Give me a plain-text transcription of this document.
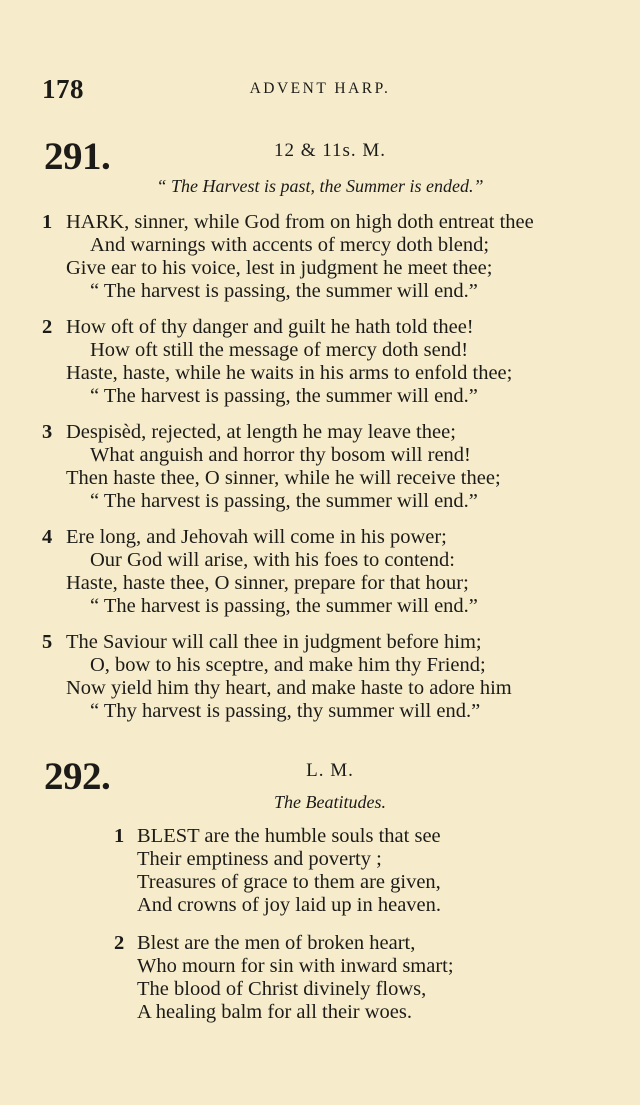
178	ADVENT HARP.
291.	12 & 11s. M.
“ The Harvest is past, the Summer is ended.”
1 HARK, sinner, while God from on high doth entreat thee
And warnings with accents of mercy doth blend;
Give ear to his voice, lest in judgment he meet thee;
“ The harvest is passing, the summer will end.”
2 How oft of thy danger and guilt he hath told thee!
How oft still the message of mercy doth send!
Haste, haste, while he waits in his arms to enfold thee;
“ The harvest is passing, the summer will end.”
3 Despisèd, rejected, at length he may leave thee;
What anguish and horror thy bosom will rend!
Then haste thee, O sinner, while he will receive thee;
“ The harvest is passing, the summer will end.”
4 Ere long, and Jehovah will come in his power;
Our God will arise, with his foes to contend:
Haste, haste thee, O sinner, prepare for that hour;
“ The harvest is passing, the summer will end.”
5 The Saviour will call thee in judgment before him;
O, bow to his sceptre, and make him thy Friend;
Now yield him thy heart, and make haste to adore him
“ Thy harvest is passing, thy summer will end.”
292.	L. M.
The Beatitudes.
1 BLEST are the humble souls that see
Their emptiness and poverty ;
Treasures of grace to them are given,
And crowns of joy laid up in heaven.
2 Blest are the men of broken heart,
Who mourn for sin with inward smart;
The blood of Christ divinely flows,
A healing balm for all their woes.
